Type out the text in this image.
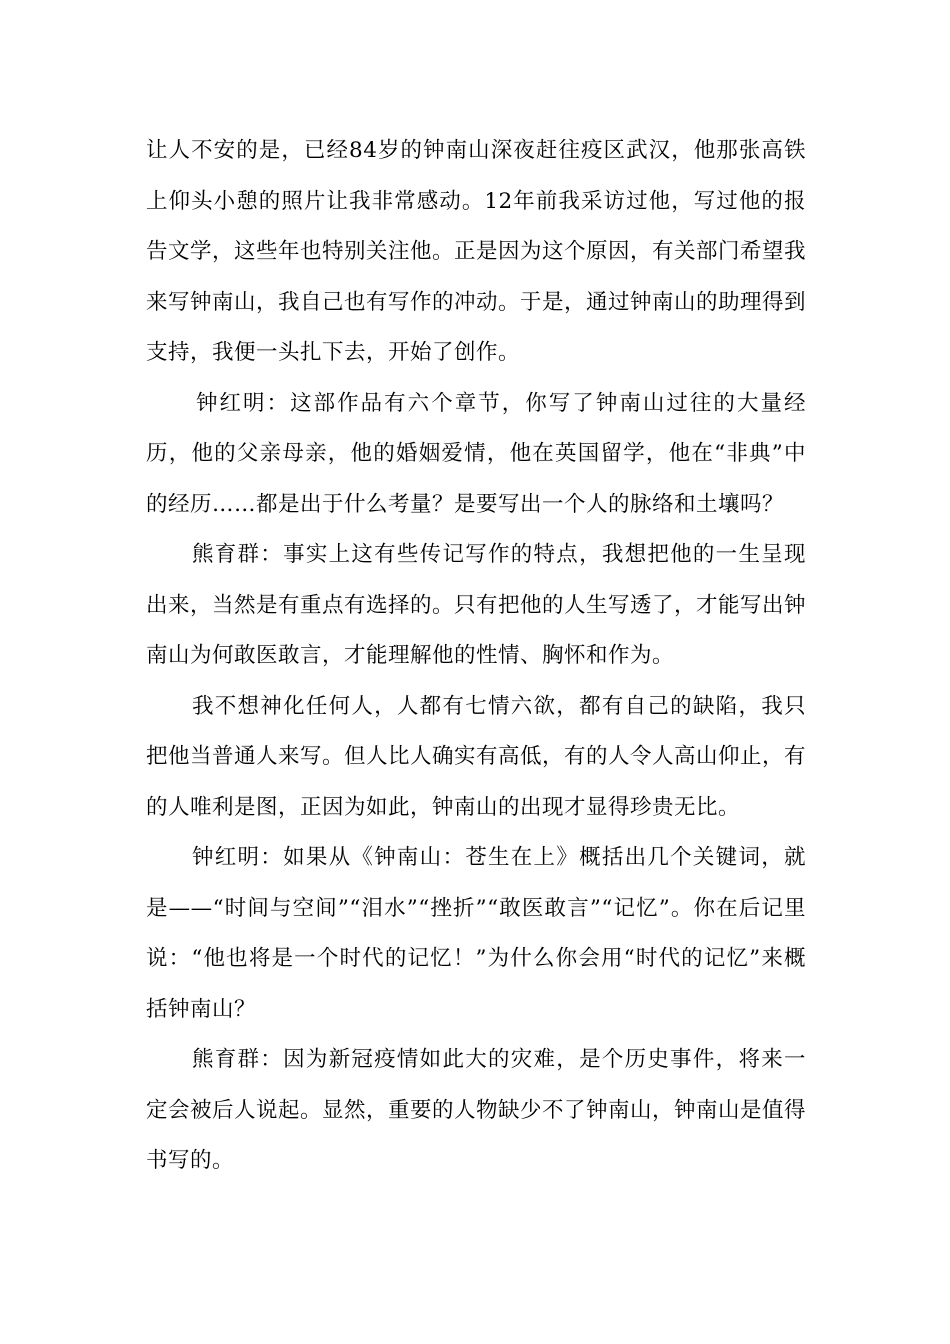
让人不安的是，已经84岁的钟南山深夜赶往疫区武汉，他那张高铁上仰头小憩的照片让我非常感动。12年前我采访过他，写过他的报告文学，这些年也特别关注他。正是因为这个原因，有关部门希望我来写钟南山，我自己也有写作的冲动。于是，通过钟南山的助理得到支持，我便一头扎下去，开始了创作。

钟红明：这部作品有六个章节，你写了钟南山过往的大量经历，他的父亲母亲，他的婚姻爱情，他在英国留学，他在“非典”中的经历……都是出于什么考量？是要写出一个人的脉络和土壤吗？

熊育群：事实上这有些传记写作的特点，我想把他的一生呈现出来，当然是有重点有选择的。只有把他的人生写透了，才能写出钟南山为何敢医敢言，才能理解他的性情、胸怀和作为。

我不想神化任何人，人都有七情六欲，都有自己的缺陷，我只把他当普通人来写。但人比人确实有高低，有的人令人高山仰止，有的人唯利是图，正因为如此，钟南山的出现才显得珍贵无比。

钟红明：如果从《钟南山：苍生在上》概括出几个关键词，就是——“时间与空间”“泪水”“挫折”“敢医敢言”“记忆”。你在后记里说：“他也将是一个时代的记忆！”为什么你会用“时代的记忆”来概括钟南山？

熊育群：因为新冠疫情如此大的灾难，是个历史事件，将来一定会被后人说起。显然，重要的人物缺少不了钟南山，钟南山是值得书写的。
